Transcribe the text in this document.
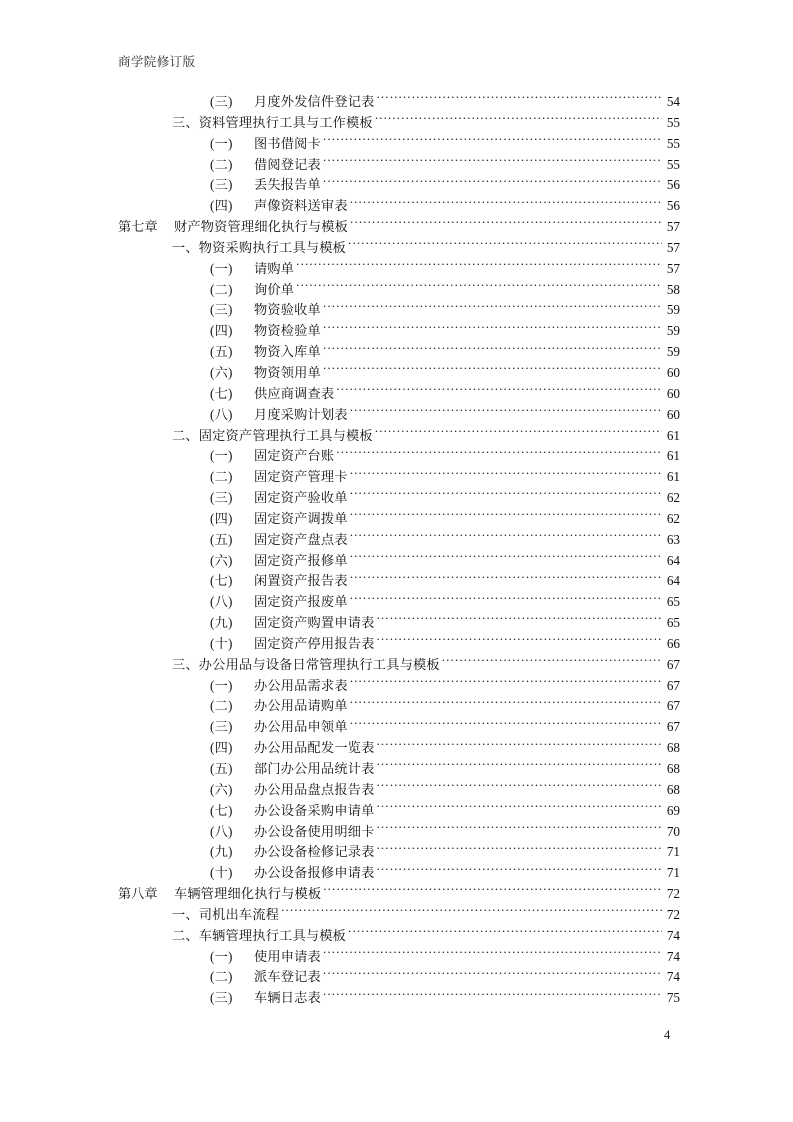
商学院修订版
(三)	月度外发信件登记表 .....	54
三、资料管理执行工具与工作模板 .....	55
(一)	图书借阅卡 .....	55
(二)	借阅登记表 .....	55
(三)	丢失报告单 .....	56
(四)	声像资料送审表 .....	56
第七章	财产物资管理细化执行与模板 .....	57
一、物资采购执行工具与模板 .....	57
(一)	请购单 .....	57
(二)	询价单 .....	58
(三)	物资验收单 .....	59
(四)	物资检验单 .....	59
(五)	物资入库单 .....	59
(六)	物资领用单 .....	60
(七)	供应商调查表 .....	60
(八)	月度采购计划表 .....	60
二、固定资产管理执行工具与模板 .....	61
(一)	固定资产台账 .....	61
(二)	固定资产管理卡 .....	61
(三)	固定资产验收单 .....	62
(四)	固定资产调拨单 .....	62
(五)	固定资产盘点表 .....	63
(六)	固定资产报修单 .....	64
(七)	闲置资产报告表 .....	64
(八)	固定资产报废单 .....	65
(九)	固定资产购置申请表 .....	65
(十)	固定资产停用报告表 .....	66
三、办公用品与设备日常管理执行工具与模板 .....	67
(一)	办公用品需求表 .....	67
(二)	办公用品请购单 .....	67
(三)	办公用品申领单 .....	67
(四)	办公用品配发一览表 .....	68
(五)	部门办公用品统计表 .....	68
(六)	办公用品盘点报告表 .....	68
(七)	办公设备采购申请单 .....	69
(八)	办公设备使用明细卡 .....	70
(九)	办公设备检修记录表 .....	71
(十)	办公设备报修申请表 .....	71
第八章	车辆管理细化执行与模板 .....	72
一、司机出车流程 .....	72
二、车辆管理执行工具与模板 .....	74
(一)	使用申请表 .....	74
(二)	派车登记表 .....	74
(三)	车辆日志表 .....	75
4
